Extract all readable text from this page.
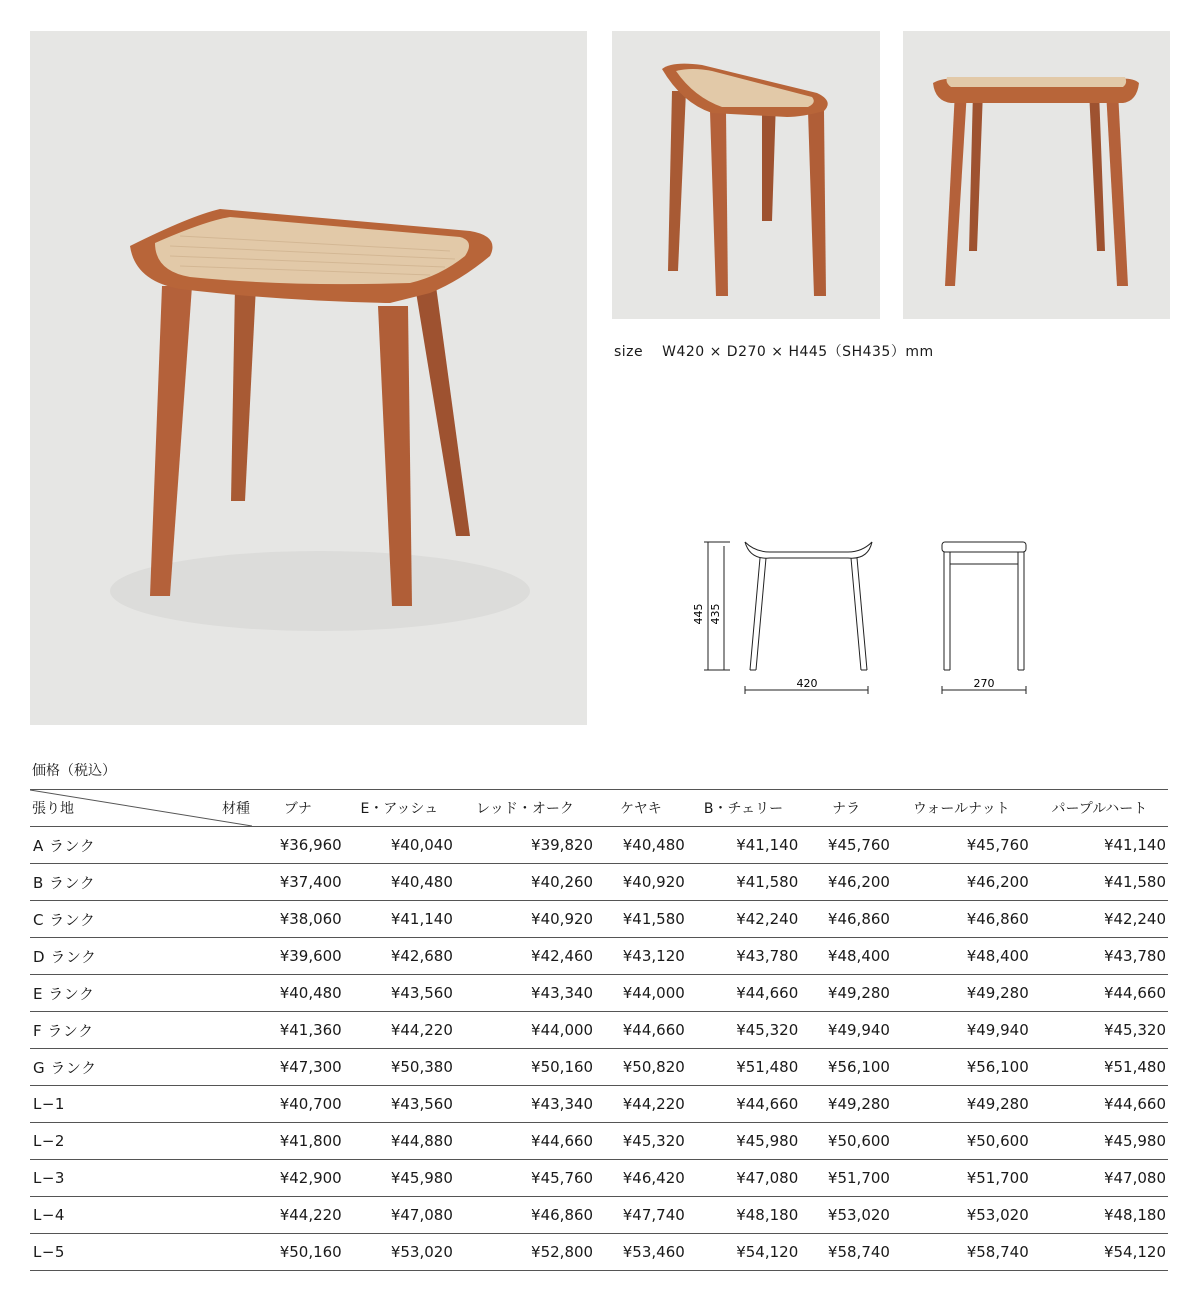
size W420 × D270 × H445（SH435）mm
445 435
420	270
価格（税込）
張り地 材種	ブナ	E・アッシュ	レッド・オーク	ケヤキ	B・チェリー	ナラ	ウォールナット	パープルハート
A ランク	¥36,960	¥40,040	¥39,820	¥40,480	¥41,140	¥45,760	¥45,760	¥41,140
B ランク	¥37,400	¥40,480	¥40,260	¥40,920	¥41,580	¥46,200	¥46,200	¥41,580
C ランク	¥38,060	¥41,140	¥40,920	¥41,580	¥42,240	¥46,860	¥46,860	¥42,240
D ランク	¥39,600	¥42,680	¥42,460	¥43,120	¥43,780	¥48,400	¥48,400	¥43,780
E ランク	¥40,480	¥43,560	¥43,340	¥44,000	¥44,660	¥49,280	¥49,280	¥44,660
F ランク	¥41,360	¥44,220	¥44,000	¥44,660	¥45,320	¥49,940	¥49,940	¥45,320
G ランク	¥47,300	¥50,380	¥50,160	¥50,820	¥51,480	¥56,100	¥56,100	¥51,480
L−1	¥40,700	¥43,560	¥43,340	¥44,220	¥44,660	¥49,280	¥49,280	¥44,660
L−2	¥41,800	¥44,880	¥44,660	¥45,320	¥45,980	¥50,600	¥50,600	¥45,980
L−3	¥42,900	¥45,980	¥45,760	¥46,420	¥47,080	¥51,700	¥51,700	¥47,080
L−4	¥44,220	¥47,080	¥46,860	¥47,740	¥48,180	¥53,020	¥53,020	¥48,180
L−5	¥50,160	¥53,020	¥52,800	¥53,460	¥54,120	¥58,740	¥58,740	¥54,120
